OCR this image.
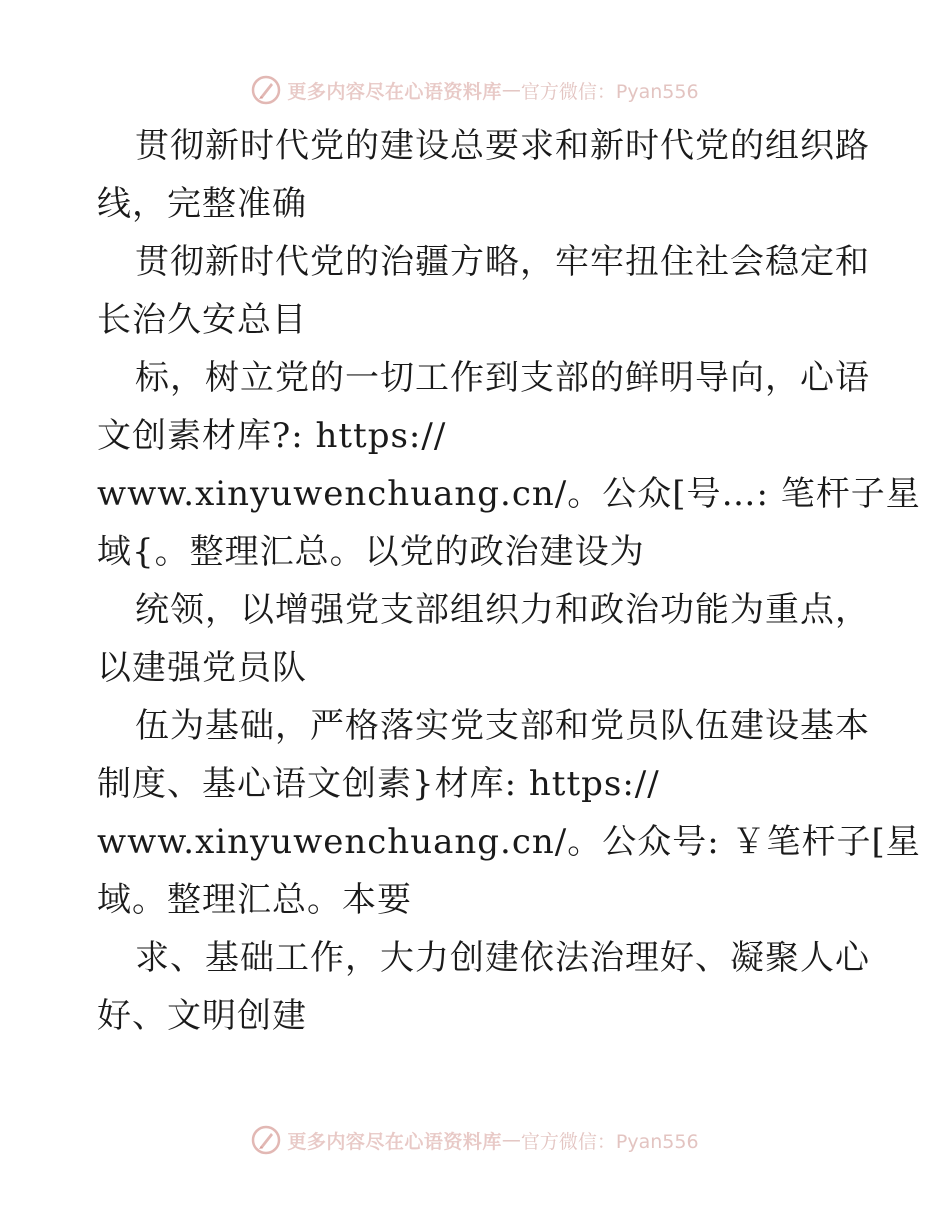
更多内容尽在心语资料库 — 官方微信：Pyan556
贯彻新时代党的建设总要求和新时代党的组织路
线，完整准确
贯彻新时代党的治疆方略，牢牢扭住社会稳定和
长治久安总目
标，树立党的一切工作到支部的鲜明导向，心语
文创素材库?: https://
www.xinyuwenchuang.cn/。公众[号…: 笔杆子星
域{。整理汇总。以党的政治建设为
统领，以增强党支部组织力和政治功能为重点，
以建强党员队
伍为基础，严格落实党支部和党员队伍建设基本
制度、基心语文创素}材库: https://
www.xinyuwenchuang.cn/。公众号: ￥笔杆子[星
域。整理汇总。本要
求、基础工作，大力创建依法治理好、凝聚人心
好、文明创建
更多内容尽在心语资料库 — 官方微信：Pyan556
